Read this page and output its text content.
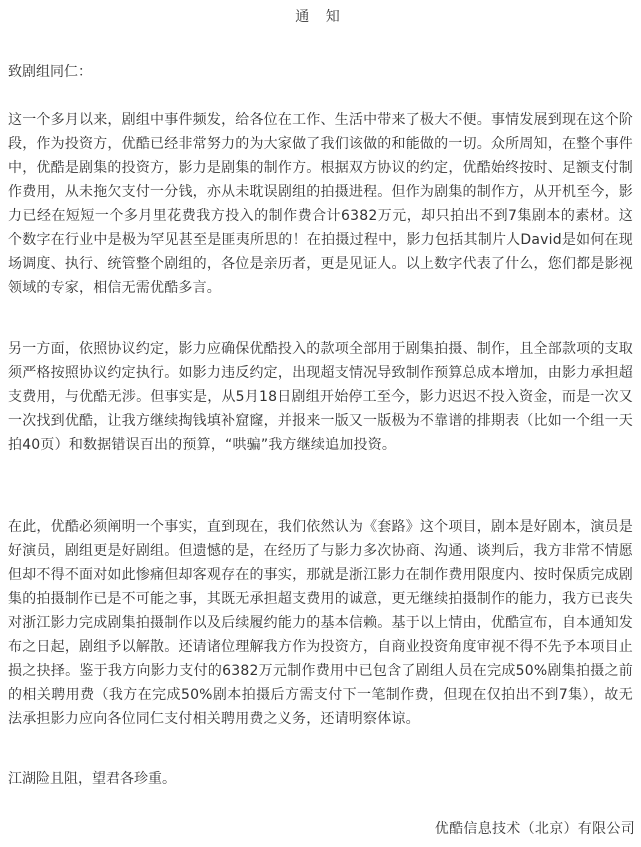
通 知
致剧组同仁：

这一个多月以来，剧组中事件频发，给各位在工作、生活中带来了极大不便。事情发展到现在这个阶段，作为投资方，优酷已经非常努力的为大家做了我们该做的和能做的一切。众所周知，在整个事件中，优酷是剧集的投资方，影力是剧集的制作方。根据双方协议的约定，优酷始终按时、足额支付制作费用，从未拖欠支付一分钱，亦从未耽误剧组的拍摄进程。但作为剧集的制作方，从开机至今，影力已经在短短一个多月里花费我方投入的制作费合计6382万元，却只拍出不到7集剧本的素材。这个数字在行业中是极为罕见甚至是匪夷所思的！在拍摄过程中，影力包括其制片人David是如何在现场调度、执行、统管整个剧组的，各位是亲历者，更是见证人。以上数字代表了什么，您们都是影视领域的专家，相信无需优酷多言。

另一方面，依照协议约定，影力应确保优酷投入的款项全部用于剧集拍摄、制作，且全部款项的支取须严格按照协议约定执行。如影力违反约定，出现超支情况导致制作预算总成本增加，由影力承担超支费用，与优酷无涉。但事实是，从5月18日剧组开始停工至今，影力迟迟不投入资金，而是一次又一次找到优酷，让我方继续掏钱填补窟窿，并报来一版又一版极为不靠谱的排期表（比如一个组一天拍40页）和数据错误百出的预算，“哄骗”我方继续追加投资。

在此，优酷必须阐明一个事实，直到现在，我们依然认为《套路》这个项目，剧本是好剧本，演员是好演员，剧组更是好剧组。但遗憾的是，在经历了与影力多次协商、沟通、谈判后，我方非常不情愿但却不得不面对如此惨痛但却客观存在的事实，那就是浙江影力在制作费用限度内、按时保质完成剧集的拍摄制作已是不可能之事，其既无承担超支费用的诚意，更无继续拍摄制作的能力，我方已丧失对浙江影力完成剧集拍摄制作以及后续履约能力的基本信赖。基于以上情由，优酷宣布，自本通知发布之日起，剧组予以解散。还请诸位理解我方作为投资方，自商业投资角度审视不得不先予本项目止损之抉择。鉴于我方向影力支付的6382万元制作费用中已包含了剧组人员在完成50%剧集拍摄之前的相关聘用费（我方在完成50%剧本拍摄后方需支付下一笔制作费，但现在仅拍出不到7集），故无法承担影力应向各位同仁支付相关聘用费之义务，还请明察体谅。

江湖险且阻，望君各珍重。
优酷信息技术（北京）有限公司
